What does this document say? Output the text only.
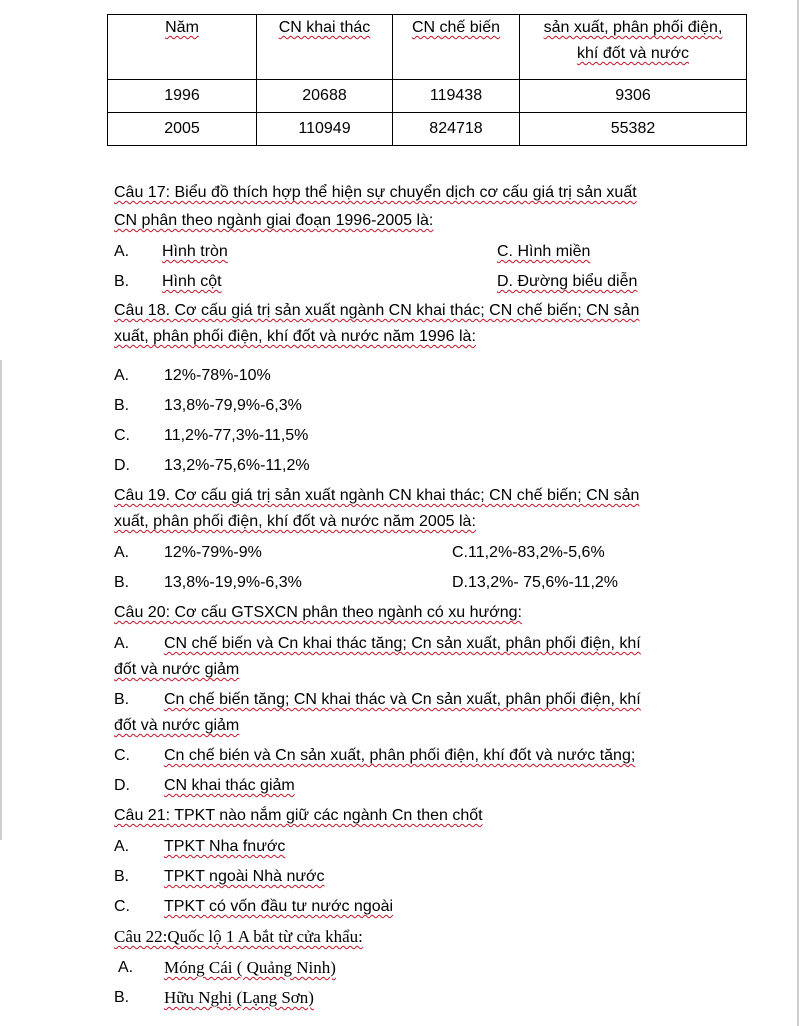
Năm	CN khai thác	CN chế biến	sản xuất, phân phối điện,
khí đốt và nước
1996	20688	119438	9306
2005	110949	824718	55382
Câu 17: Biểu đồ thích hợp thể hiện sự chuyển dịch cơ cấu giá trị sản xuất
CN phân theo ngành giai đoạn 1996-2005 là:
A. Hình tròn	C. Hình miền
B. Hình cột	D. Đường biểu diễn
Câu 18. Cơ cấu giá trị sản xuất ngành CN khai thác; CN chế biến; CN sản
xuất, phân phối điện, khí đốt và nước năm 1996 là:
A. 12%-78%-10%
B. 13,8%-79,9%-6,3%
C. 11,2%-77,3%-11,5%
D. 13,2%-75,6%-11,2%
Câu 19. Cơ cấu giá trị sản xuất ngành CN khai thác; CN chế biến; CN sản
xuất, phân phối điện, khí đốt và nước năm 2005 là:
A. 12%-79%-9%	C.11,2%-83,2%-5,6%
B. 13,8%-19,9%-6,3%	D.13,2%- 75,6%-11,2%
Câu 20: Cơ cấu GTSXCN phân theo ngành có xu hướng:
A. CN chế biến và Cn khai thác tăng; Cn sản xuất, phân phối điện, khí
đốt và nước giảm
B. Cn chế biến tăng; CN khai thác và Cn sản xuất, phân phối điện, khí
đốt và nước giảm
C. Cn chế bién và Cn sản xuất, phân phối điện, khí đốt và nước tăng;
D. CN khai thác giảm
Câu 21: TPKT nào nắm giữ các ngành Cn then chốt
A. TPKT Nha fnước
B. TPKT ngoài Nhà nước
C. TPKT có vốn đầu tư nước ngoài
Câu 22:Quốc lộ 1 A bắt từ cửa khẩu:
A. Móng Cái ( Quảng Ninh)
B. Hữu Nghị (Lạng Sơn)
